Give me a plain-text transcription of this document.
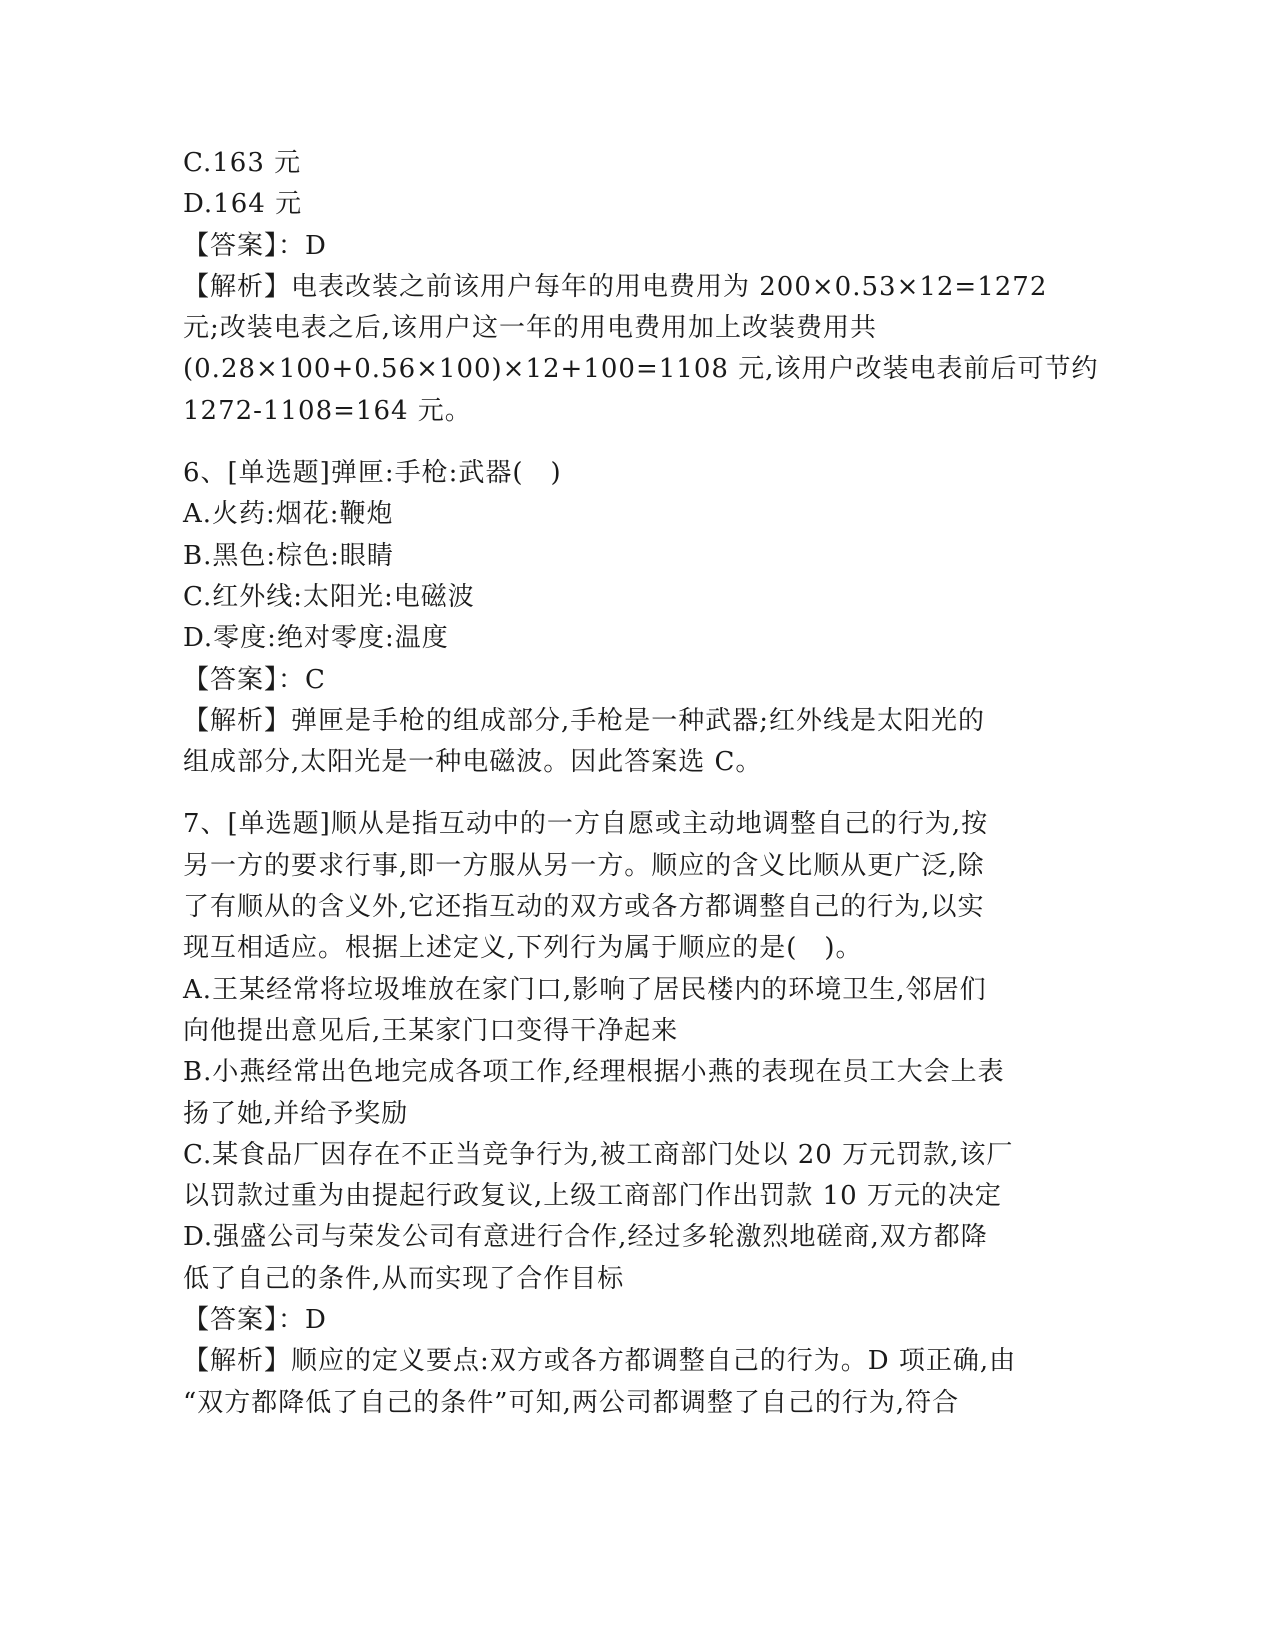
C.163 元
D.164 元
【答案】：D
【解析】电表改装之前该用户每年的用电费用为 200×0.53×12=1272
元;改装电表之后,该用户这一年的用电费用加上改装费用共
(0.28×100+0.56×100)×12+100=1108 元,该用户改装电表前后可节约
1272-1108=164 元。
6、[单选题]弹匣:手枪:武器(　)
A.火药:烟花:鞭炮
B.黑色:棕色:眼睛
C.红外线:太阳光:电磁波
D.零度:绝对零度:温度
【答案】：C
【解析】弹匣是手枪的组成部分,手枪是一种武器;红外线是太阳光的
组成部分,太阳光是一种电磁波。因此答案选 C。
7、[单选题]顺从是指互动中的一方自愿或主动地调整自己的行为,按
另一方的要求行事,即一方服从另一方。顺应的含义比顺从更广泛,除
了有顺从的含义外,它还指互动的双方或各方都调整自己的行为,以实
现互相适应。根据上述定义,下列行为属于顺应的是(　)。
A.王某经常将垃圾堆放在家门口,影响了居民楼内的环境卫生,邻居们
向他提出意见后,王某家门口变得干净起来
B.小燕经常出色地完成各项工作,经理根据小燕的表现在员工大会上表
扬了她,并给予奖励
C.某食品厂因存在不正当竞争行为,被工商部门处以 20 万元罚款,该厂
以罚款过重为由提起行政复议,上级工商部门作出罚款 10 万元的决定
D.强盛公司与荣发公司有意进行合作,经过多轮激烈地磋商,双方都降
低了自己的条件,从而实现了合作目标
【答案】：D
【解析】顺应的定义要点:双方或各方都调整自己的行为。D 项正确,由
“双方都降低了自己的条件”可知,两公司都调整了自己的行为,符合
